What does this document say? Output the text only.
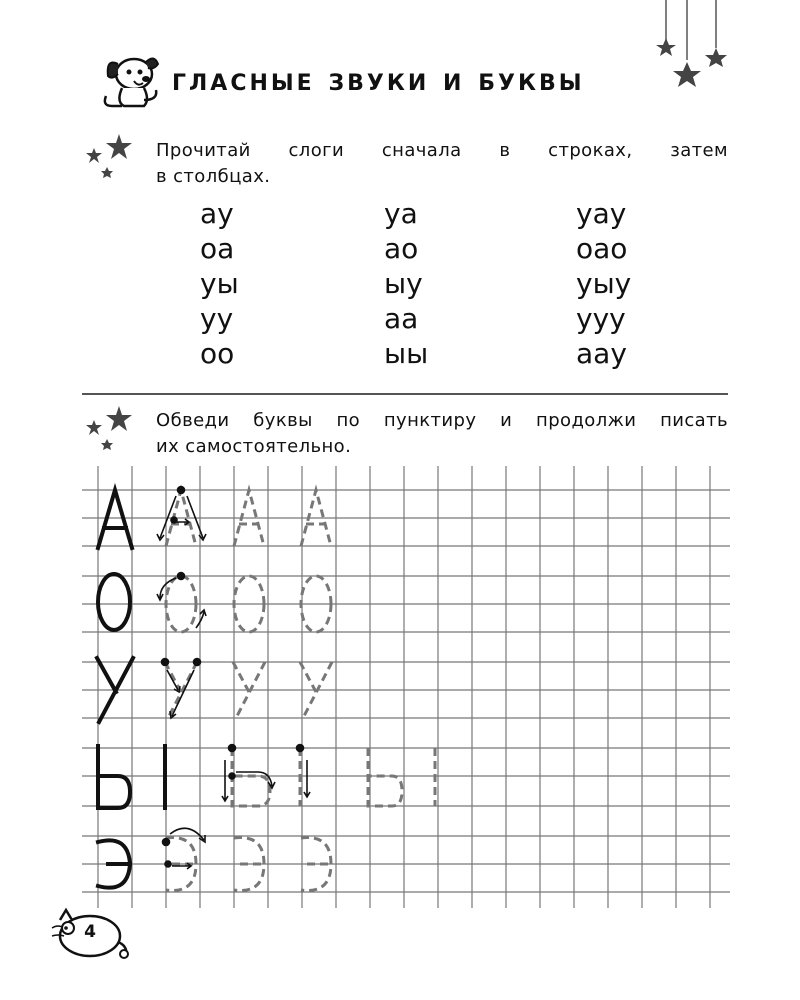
гласные звуки и буквы
Прочитай слоги сначала в строках, затем
в столбцах.
ау
оа
уы
уу
оо
уа
ао
ыу
аа
ыы
уау
оао
уыу
ууу
аау
Обведи буквы по пунктиру и продолжи писать
их самостоятельно.
4
